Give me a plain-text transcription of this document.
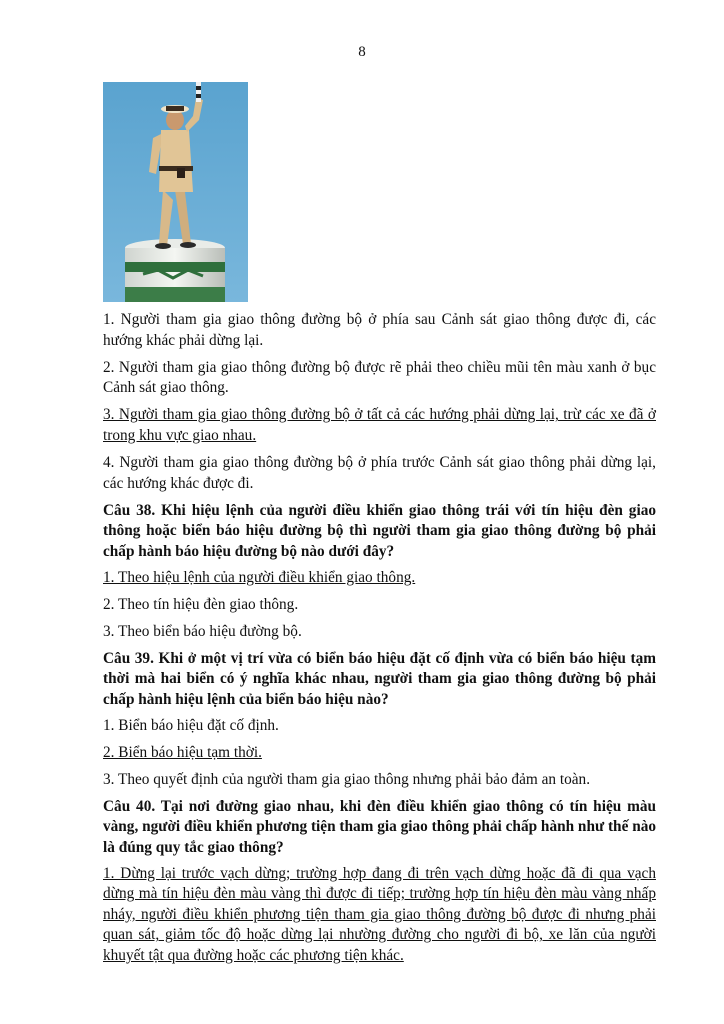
8

1. Người tham gia giao thông đường bộ ở phía sau Cảnh sát giao thông được đi, các hướng khác phải dừng lại.

2. Người tham gia giao thông đường bộ được rẽ phải theo chiều mũi tên màu xanh ở bục Cảnh sát giao thông.

3. Người tham gia giao thông đường bộ ở tất cả các hướng phải dừng lại, trừ các xe đã ở trong khu vực giao nhau.

4. Người tham gia giao thông đường bộ ở phía trước Cảnh sát giao thông phải dừng lại, các hướng khác được đi.

Câu 38. Khi hiệu lệnh của người điều khiển giao thông trái với tín hiệu đèn giao thông hoặc biển báo hiệu đường bộ thì người tham gia giao thông đường bộ phải chấp hành báo hiệu đường bộ nào dưới đây?

1. Theo hiệu lệnh của người điều khiển giao thông.

2. Theo tín hiệu đèn giao thông.

3. Theo biển báo hiệu đường bộ.

Câu 39. Khi ở một vị trí vừa có biển báo hiệu đặt cố định vừa có biển báo hiệu tạm thời mà hai biển có ý nghĩa khác nhau, người tham gia giao thông đường bộ phải chấp hành hiệu lệnh của biển báo hiệu nào?

1. Biển báo hiệu đặt cố định.

2. Biển báo hiệu tạm thời.

3. Theo quyết định của người tham gia giao thông nhưng phải bảo đảm an toàn.

Câu 40. Tại nơi đường giao nhau, khi đèn điều khiển giao thông có tín hiệu màu vàng, người điều khiển phương tiện tham gia giao thông phải chấp hành như thế nào là đúng quy tắc giao thông?

1. Dừng lại trước vạch dừng; trường hợp đang đi trên vạch dừng hoặc đã đi qua vạch dừng mà tín hiệu đèn màu vàng thì được đi tiếp; trường hợp tín hiệu đèn màu vàng nhấp nháy, người điều khiển phương tiện tham gia giao thông đường bộ được đi nhưng phải quan sát, giảm tốc độ hoặc dừng lại nhường đường cho người đi bộ, xe lăn của người khuyết tật qua đường hoặc các phương tiện khác.
